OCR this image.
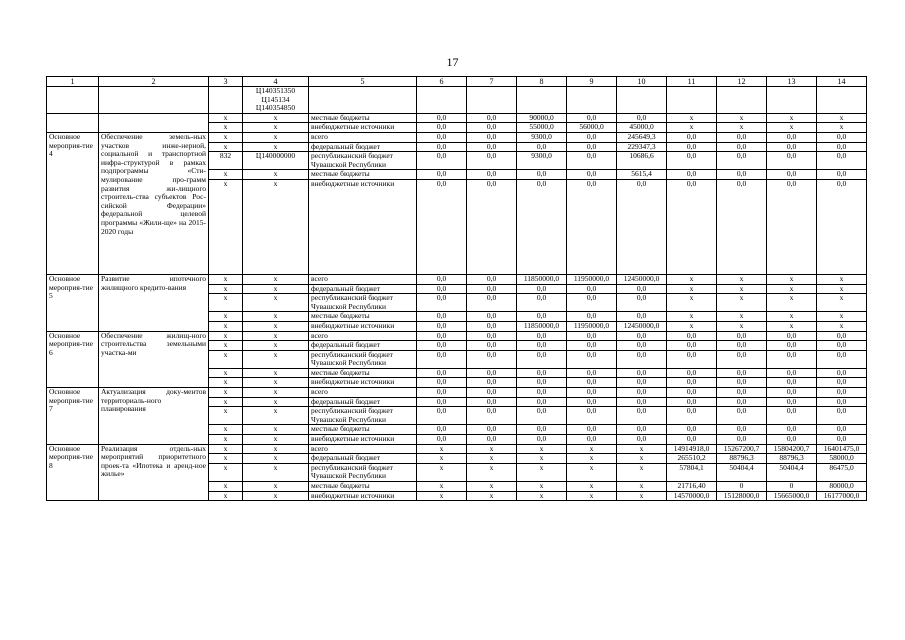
17
1	2	3	4	5	6	7	8	9	10	11	12	13	14

			Ц140351350
Ц145134
Ц140354850										

		x	x	местные бюджеты	0,0	0,0	90000,0	0,0	0,0	x	x	x	x
		x	x	внебюджетные источники	0,0	0,0	55000,0	56000,0	45000,0	x	x	x	x
Основное мероприя-тие 4	Обеспечение земель-ных участков инже-нерной, социальной и транспортной инфра-структурой в рамках подпрограммы «Сти-мулирование про-грамм развития жи-лищного строитель-ства субъектов Рос-сийской Федерации» федеральной целевой программы «Жили-ще» на 2015-2020 годы	x	x	всего	0,0	0,0	9300,0	0,0	245649,3	0,0	0,0	0,0	0,0
		x	x	федеральный бюджет	0,0	0,0	0,0	0,0	229347,3	0,0	0,0	0,0	0,0
		832	Ц140000000	республиканский бюджет Чувашской Республики	0,0	0,0	9300,0	0,0	10686,6	0,0	0,0	0,0	0,0
		x	x	местные бюджеты	0,0	0,0	0,0	0,0	5615,4	0,0	0,0	0,0	0,0
		x	x	внебюджетные источники	0,0	0,0	0,0	0,0	0,0	0,0	0,0	0,0	0,0
Основное мероприя-тие 5	Развитие ипотечного жилищного кредито-вания	x	x	всего	0,0	0,0	11850000,0	11950000,0	12450000,0	x	x	x	x
		x	x	федеральный бюджет	0,0	0,0	0,0	0,0	0,0	x	x	x	x
		x	x	республиканский бюджет Чувашской Республики	0,0	0,0	0,0	0,0	0,0	x	x	x	x
		x	x	местные бюджеты	0,0	0,0	0,0	0,0	0,0	x	x	x	x
		x	x	внебюджетные источники	0,0	0,0	11850000,0	11950000,0	12450000,0	x	x	x	x
Основное мероприя-тие 6	Обеспечение жилищ-ного строительства земельными участка-ми	x	x	всего	0,0	0,0	0,0	0,0	0,0	0,0	0,0	0,0	0,0
		x	x	федеральный бюджет	0,0	0,0	0,0	0,0	0,0	0,0	0,0	0,0	0,0
		x	x	республиканский бюджет Чувашской Республики	0,0	0,0	0,0	0,0	0,0	0,0	0,0	0,0	0,0
		x	x	местные бюджеты	0,0	0,0	0,0	0,0	0,0	0,0	0,0	0,0	0,0
		x	x	внебюджетные источники	0,0	0,0	0,0	0,0	0,0	0,0	0,0	0,0	0,0
Основное мероприя-тие 7	Актуализация доку-ментов территориаль-ного планирования	x	x	всего	0,0	0,0	0,0	0,0	0,0	0,0	0,0	0,0	0,0
		x	x	федеральный бюджет	0,0	0,0	0,0	0,0	0,0	0,0	0,0	0,0	0,0
		x	x	республиканский бюджет Чувашской Республики	0,0	0,0	0,0	0,0	0,0	0,0	0,0	0,0	0,0
		x	x	местные бюджеты	0,0	0,0	0,0	0,0	0,0	0,0	0,0	0,0	0,0
		x	x	внебюджетные источники	0,0	0,0	0,0	0,0	0,0	0,0	0,0	0,0	0,0
Основное мероприя-тие 8	Реализация отдель-ных мероприятий приоритетного проек-та «Ипотека и аренд-ное жилье»	x	x	всего	x	x	x	x	x	14914918,0	15267200,7	15804200,7	16401475,0
		x	x	федеральный бюджет	x	x	x	x	x	265510,2	88796,3	88796,3	58000,0
		x	x	республиканский бюджет Чувашской Республики	x	x	x	x	x	57804,1	50404,4	50404,4	86475,0
		x	x	местные бюджеты	x	x	x	x	x	21716,40	0	0	80000,0
		x	x	внебюджетные источники	x	x	x	x	x	14570000,0	15128000,0	15665000,0	16177000,0
